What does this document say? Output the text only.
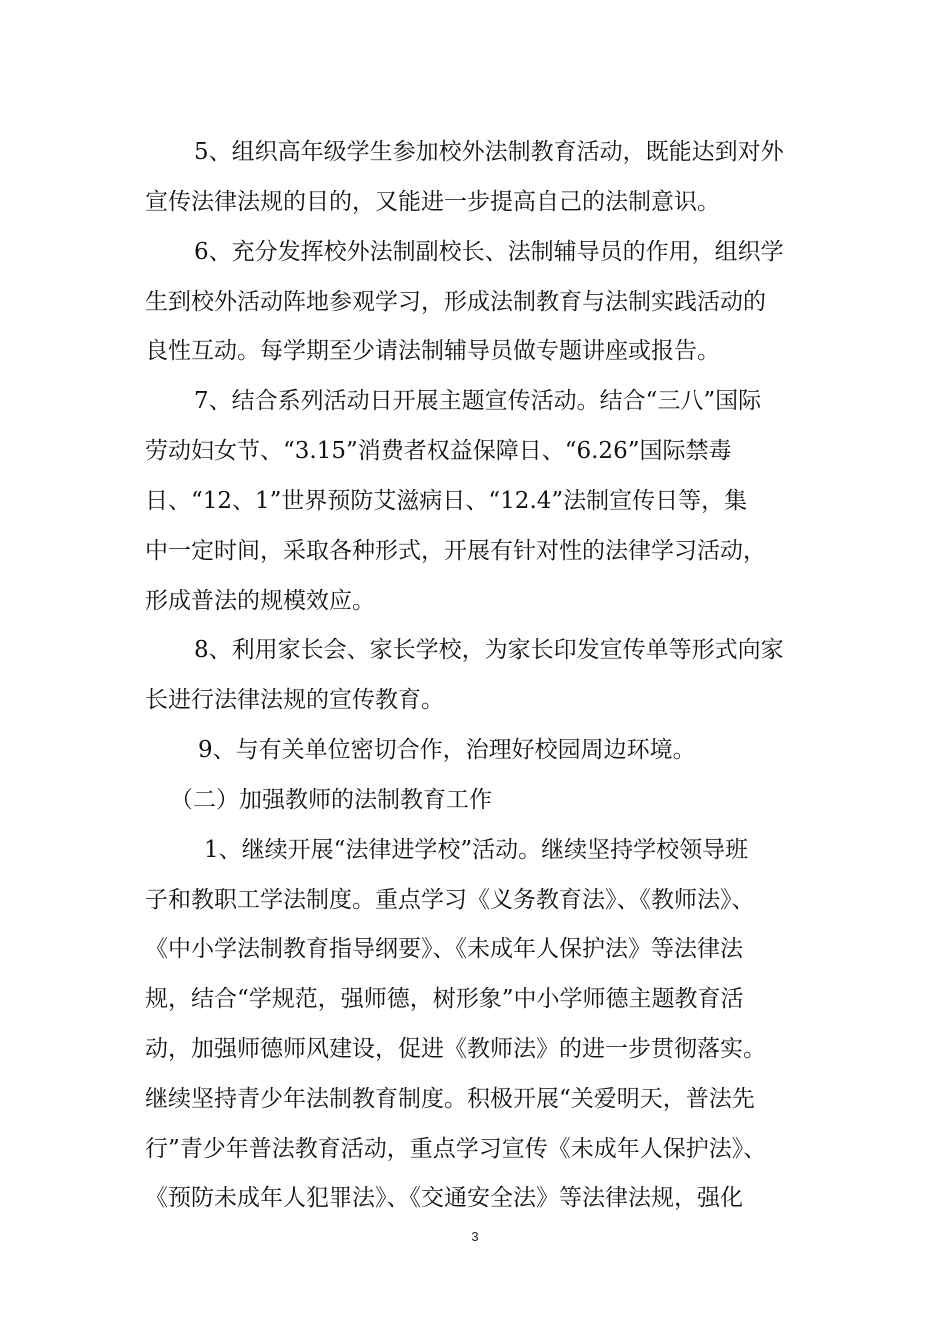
5、组织高年级学生参加校外法制教育活动，既能达到对外
宣传法律法规的目的，又能进一步提高自己的法制意识。
6、充分发挥校外法制副校长、法制辅导员的作用，组织学
生到校外活动阵地参观学习，形成法制教育与法制实践活动的
良性互动。每学期至少请法制辅导员做专题讲座或报告。
7、结合系列活动日开展主题宣传活动。结合“三八”国际
劳动妇女节、“3.15”消费者权益保障日、“6.26”国际禁毒
日、“12、1”世界预防艾滋病日、“12.4”法制宣传日等，集
中一定时间，采取各种形式，开展有针对性的法律学习活动，
形成普法的规模效应。
8、利用家长会、家长学校，为家长印发宣传单等形式向家
长进行法律法规的宣传教育。
9、与有关单位密切合作，治理好校园周边环境。
（二）加强教师的法制教育工作
1、继续开展“法律进学校”活动。继续坚持学校领导班
子和教职工学法制度。重点学习《义务教育法》、《教师法》、
《中小学法制教育指导纲要》、《未成年人保护法》等法律法
规，结合“学规范，强师德，树形象”中小学师德主题教育活
动，加强师德师风建设，促进《教师法》的进一步贯彻落实。
继续坚持青少年法制教育制度。积极开展“关爱明天，普法先
行”青少年普法教育活动，重点学习宣传《未成年人保护法》、
《预防未成年人犯罪法》、《交通安全法》等法律法规，强化
3
